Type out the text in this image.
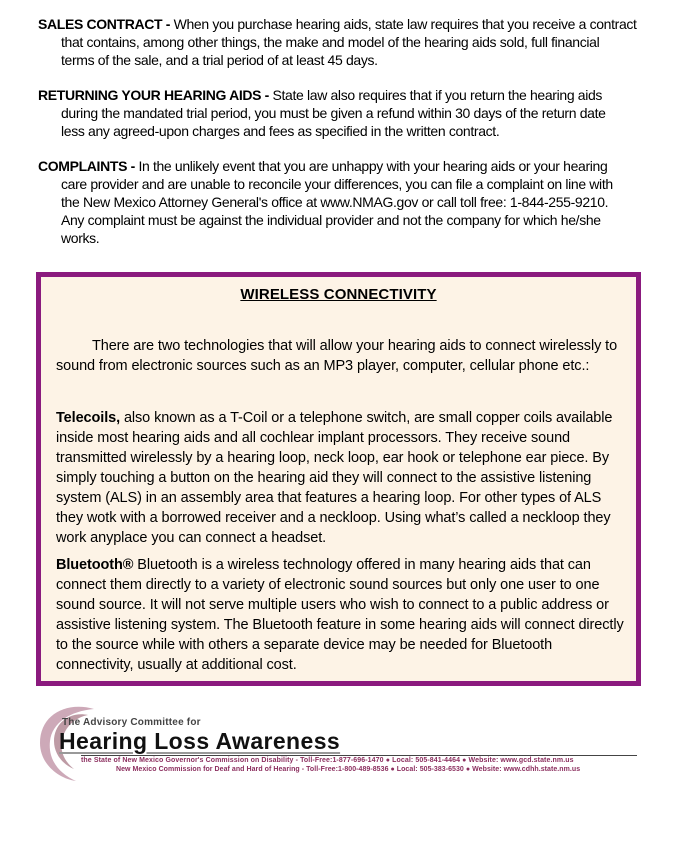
SALES CONTRACT - When you purchase hearing aids, state law requires that you receive a contract
that contains, among other things, the make and model of the hearing aids sold, full financial
terms of the sale, and a trial period of at least 45 days.
RETURNING YOUR HEARING AIDS - State law also requires that if you return the hearing aids
during the mandated trial period, you must be given a refund within 30 days of the return date
less any agreed-upon charges and fees as specified in the written contract.
COMPLAINTS - In the unlikely event that you are unhappy with your hearing aids or your hearing
care provider and are unable to reconcile your differences, you can file a complaint on line with
the New Mexico Attorney General's office at www.NMAG.gov or call toll free: 1-844-255-9210.
Any complaint must be against the individual provider and not the company for which he/she
works.
WIRELESS CONNECTIVITY
There are two technologies that will allow your hearing aids to connect wirelessly to sound from electronic sources such as an MP3 player, computer, cellular phone etc.:
Telecoils, also known as a T-Coil or a telephone switch, are small copper coils available inside most hearing aids and all cochlear implant processors. They receive sound transmitted wirelessly by a hearing loop, neck loop, ear hook or telephone ear piece. By simply touching a button on the hearing aid they will connect to the assistive listening system (ALS) in an assembly area that features a hearing loop. For other types of ALS they wotk with a borrowed receiver and a neckloop. Using what’s called a neckloop they work anyplace you can connect a headset.
Bluetooth® Bluetooth is a wireless technology offered in many hearing aids that can connect them directly to a variety of electronic sound sources but only one user to one sound source. It will not serve multiple users who wish to connect to a public address or assistive listening system. The Bluetooth feature in some hearing aids will connect directly to the source while with others a separate device may be needed for Bluetooth connectivity, usually at additional cost.
The Advisory Committee for
Hearing Loss Awareness
the State of New Mexico Governor's Commission on Disability - Toll-Free:1-877-696-1470 ● Local: 505-841-4464 ● Website: www.gcd.state.nm.us
New Mexico Commission for Deaf and Hard of Hearing - Toll-Free:1-800-489-8536 ● Local: 505-383-6530 ● Website: www.cdhh.state.nm.us
